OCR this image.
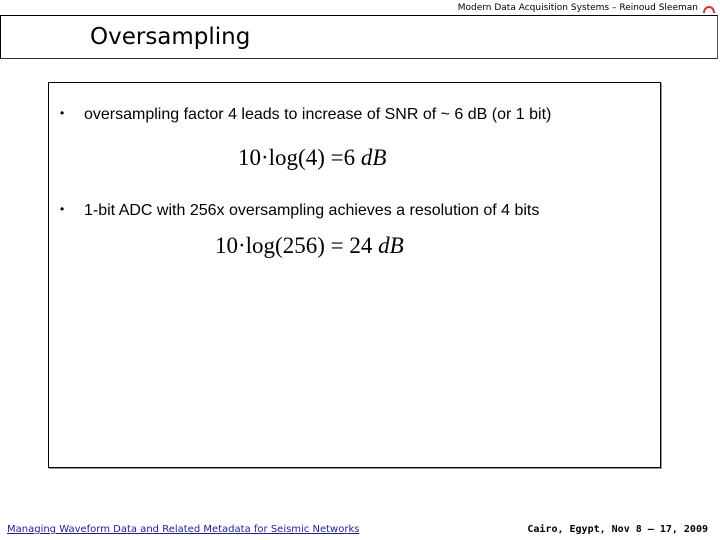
Modern Data Acquisition Systems – Reinoud Sleeman
Oversampling
• oversampling factor 4 leads to increase of SNR of ~ 6 dB (or 1 bit)
10·log(4) =6 dB
• 1-bit ADC with 256x oversampling achieves a resolution of 4 bits
10·log(256) = 24 dB
Managing Waveform Data and Related Metadata for Seismic Networks	Cairo, Egypt, Nov 8 – 17, 2009
